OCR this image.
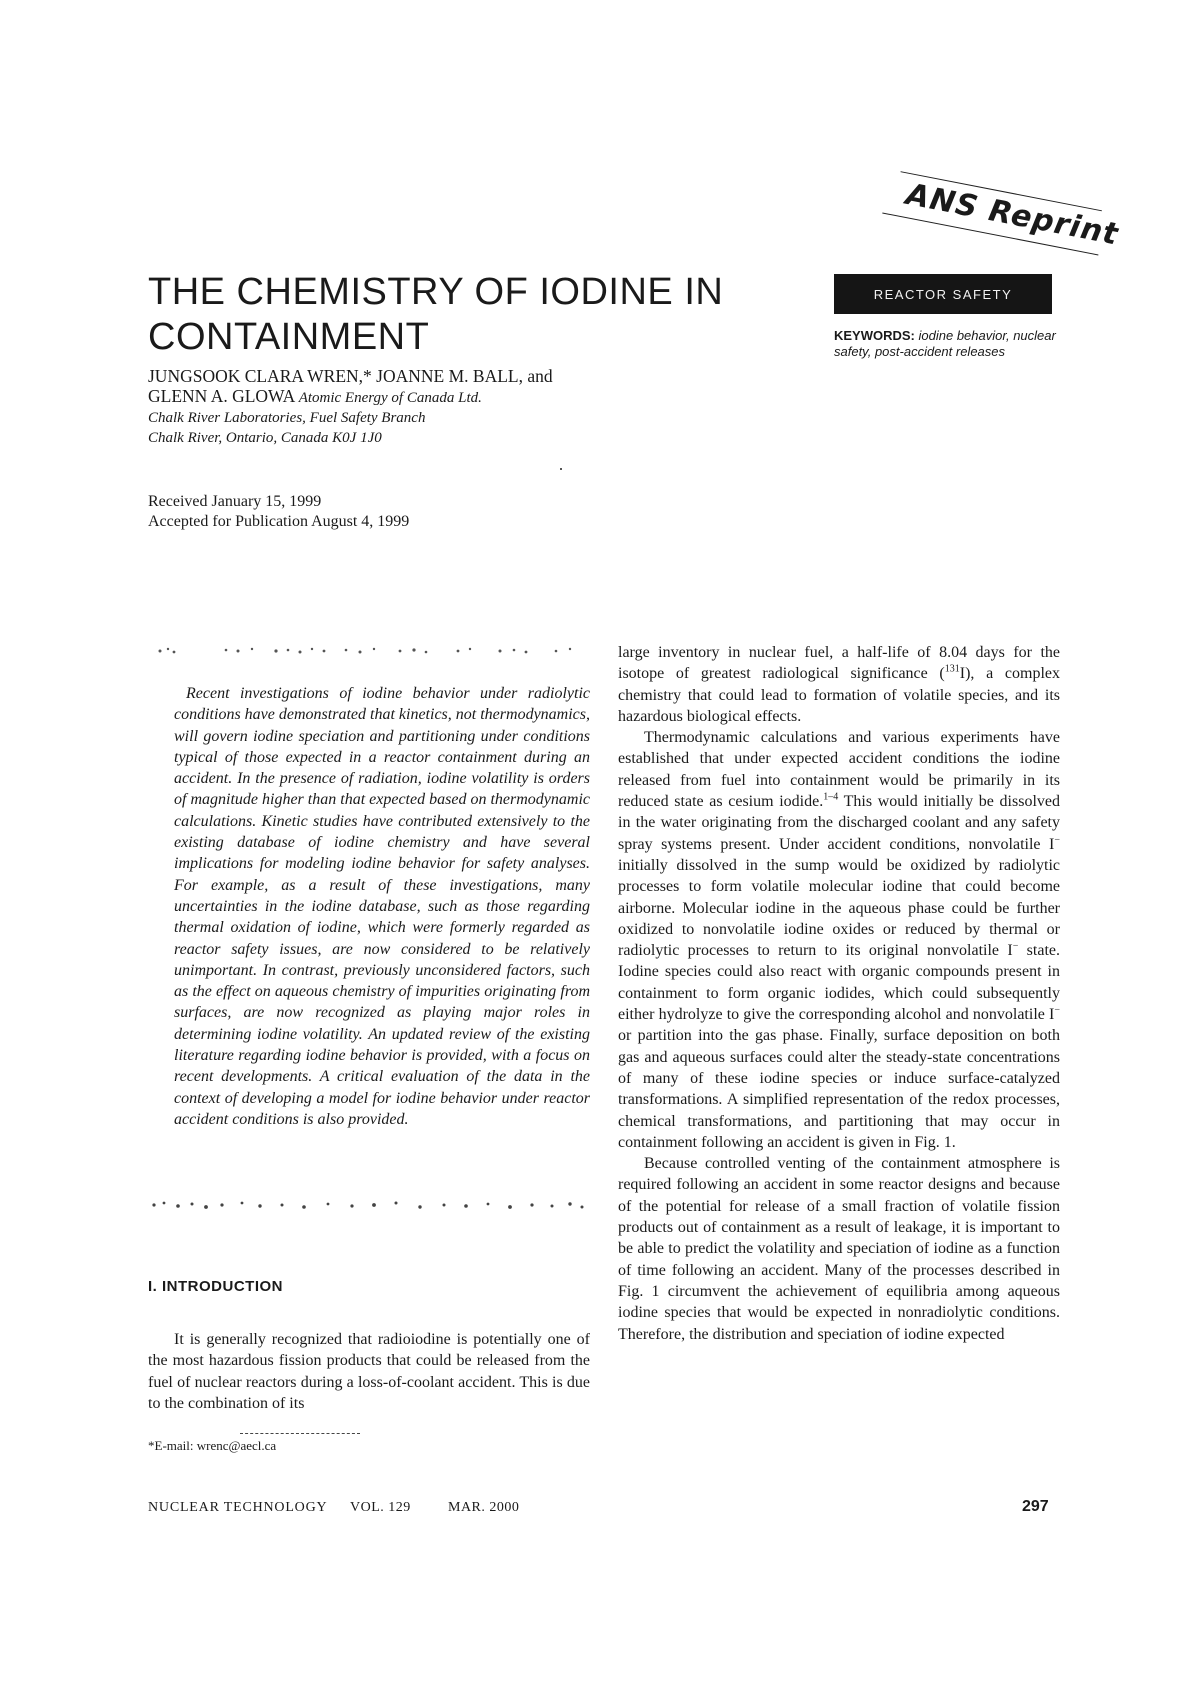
ANS Reprint
REACTOR SAFETY
KEYWORDS: iodine behavior, nuclear safety, post-accident releases
THE CHEMISTRY OF IODINE IN CONTAINMENT
JUNGSOOK CLARA WREN,* JOANNE M. BALL, and
GLENN A. GLOWA Atomic Energy of Canada Ltd.
Chalk River Laboratories, Fuel Safety Branch
Chalk River, Ontario, Canada K0J 1J0
Received January 15, 1999
Accepted for Publication August 4, 1999
Recent investigations of iodine behavior under radiolytic conditions have demonstrated that kinetics, not thermodynamics, will govern iodine speciation and partitioning under conditions typical of those expected in a reactor containment during an accident. In the presence of radiation, iodine volatility is orders of magnitude higher than that expected based on thermodynamic calculations. Kinetic studies have contributed extensively to the existing database of iodine chemistry and have several implications for modeling iodine behavior for safety analyses. For example, as a result of these investigations, many uncertainties in the iodine database, such as those regarding thermal oxidation of iodine, which were formerly regarded as reactor safety issues, are now considered to be relatively unimportant. In contrast, previously unconsidered factors, such as the effect on aqueous chemistry of impurities originating from surfaces, are now recognized as playing major roles in determining iodine volatility. An updated review of the existing literature regarding iodine behavior is provided, with a focus on recent developments. A critical evaluation of the data in the context of developing a model for iodine behavior under reactor accident conditions is also provided.
I. INTRODUCTION
It is generally recognized that radioiodine is potentially one of the most hazardous fission products that could be released from the fuel of nuclear reactors during a loss-of-coolant accident. This is due to the combination of its
*E-mail: wrenc@aecl.ca

large inventory in nuclear fuel, a half-life of 8.04 days for the isotope of greatest radiological significance ($^{131}$I), a complex chemistry that could lead to formation of volatile species, and its hazardous biological effects.

Thermodynamic calculations and various experiments have established that under expected accident conditions the iodine released from fuel into containment would be primarily in its reduced state as cesium iodide.$^{1-4}$ This would initially be dissolved in the water originating from the discharged coolant and any safety spray systems present. Under accident conditions, nonvolatile I− initially dissolved in the sump would be oxidized by radiolytic processes to form volatile molecular iodine that could become airborne. Molecular iodine in the aqueous phase could be further oxidized to nonvolatile iodine oxides or reduced by thermal or radiolytic processes to return to its original nonvolatile I− state. Iodine species could also react with organic compounds present in containment to form organic iodides, which could subsequently either hydrolyze to give the corresponding alcohol and nonvolatile I− or partition into the gas phase. Finally, surface deposition on both gas and aqueous surfaces could alter the steady-state concentrations of many of these iodine species or induce surface-catalyzed transformations. A simplified representation of the redox processes, chemical transformations, and partitioning that may occur in containment following an accident is given in Fig. 1.

Because controlled venting of the containment atmosphere is required following an accident in some reactor designs and because of the potential for release of a small fraction of volatile fission products out of containment as a result of leakage, it is important to be able to predict the volatility and speciation of iodine as a function of time following an accident. Many of the processes described in Fig. 1 circumvent the achievement of equilibria among aqueous iodine species that would be expected in nonradiolytic conditions. Therefore, the distribution and speciation of iodine expected

NUCLEAR TECHNOLOGY VOL. 129	MAR. 2000	297
